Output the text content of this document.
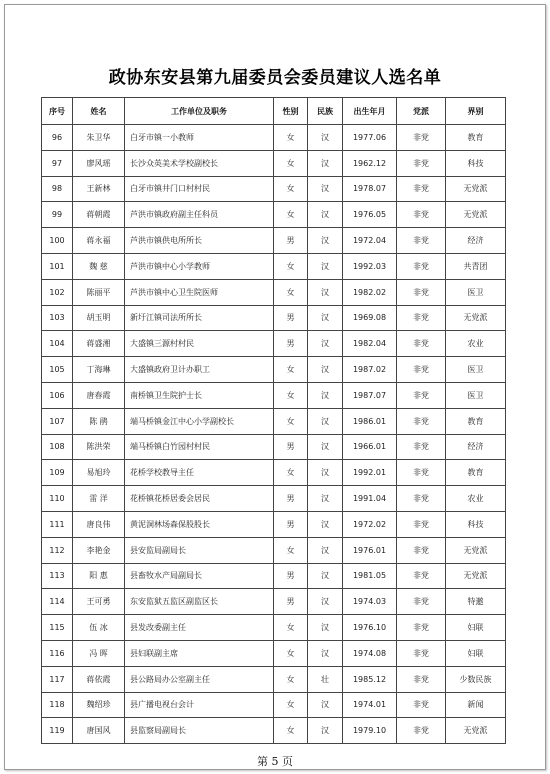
政协东安县第九届委员会委员建议人选名单
序号	姓名	工作单位及职务	性别	民族	出生年月	党派	界别
96	朱卫华	白牙市镇一小教师	女	汉	1977.06	非党	教育
97	廖风瑶	长沙众英美术学校副校长	女	汉	1962.12	非党	科技
98	王新林	白牙市镇井门口村村民	女	汉	1978.07	非党	无党派
99	蒋朝霞	芦洪市镇政府副主任科员	女	汉	1976.05	非党	无党派
100	蒋永福	芦洪市镇供电所所长	男	汉	1972.04	非党	经济
101	魏 慈	芦洪市镇中心小学教师	女	汉	1992.03	非党	共青团
102	陈丽平	芦洪市镇中心卫生院医师	女	汉	1982.02	非党	医卫
103	胡玉明	新圩江镇司法所所长	男	汉	1969.08	非党	无党派
104	蒋盛湘	大盛镇三源村村民	男	汉	1982.04	非党	农业
105	丁海琳	大盛镇政府卫计办职工	女	汉	1987.02	非党	医卫
106	唐春霞	南桥镇卫生院护士长	女	汉	1987.07	非党	医卫
107	陈 鹃	端马桥镇金江中心小学副校长	女	汉	1986.01	非党	教育
108	陈洪荣	端马桥镇白竹园村村民	男	汉	1966.01	非党	经济
109	易旭玲	花桥学校教导主任	女	汉	1992.01	非党	教育
110	雷 洋	花桥镇花桥居委会居民	男	汉	1991.04	非党	农业
111	唐良伟	黄泥洞林场森保股股长	男	汉	1972.02	非党	科技
112	李艳金	县安监局副局长	女	汉	1976.01	非党	无党派
113	阳 惠	县畜牧水产局副局长	男	汉	1981.05	非党	无党派
114	王可勇	东安监狱五监区副监区长	男	汉	1974.03	非党	特邀
115	伍 冰	县发改委副主任	女	汉	1976.10	非党	妇联
116	冯 晖	县妇联副主席	女	汉	1974.08	非党	妇联
117	蒋依霞	县公路局办公室副主任	女	壮	1985.12	非党	少数民族
118	魏绍珍	县广播电视台会计	女	汉	1974.01	非党	新闻
119	唐国风	县监察局副局长	女	汉	1979.10	非党	无党派
第 5 页
